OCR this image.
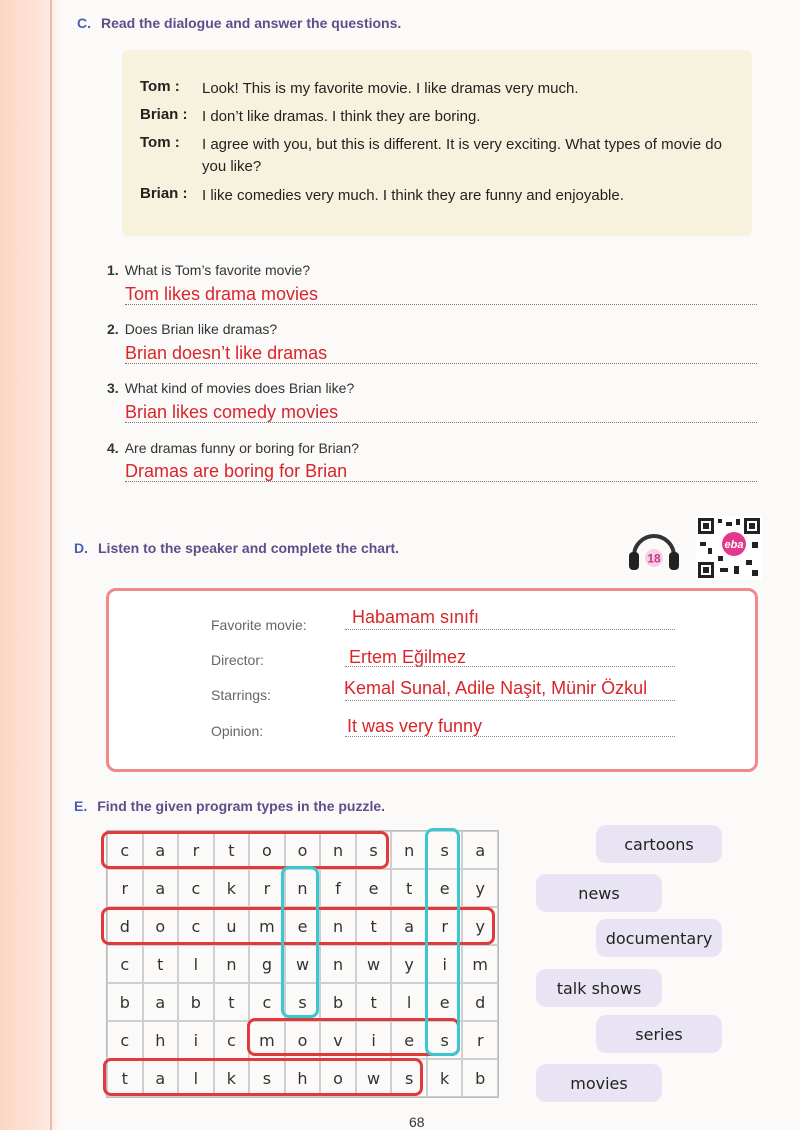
C. Read the dialogue and answer the questions.
Tom :	Look! This is my favorite movie. I like dramas very much.
Brian : I don’t like dramas. I think they are boring.
Tom :	I agree with you, but this is different. It is very exciting. What types of movie do you like?
Brian : I like comedies very much. I think they are funny and enjoyable.
1. What is Tom’s favorite movie?
Tom likes drama movies
2. Does Brian like dramas?
Brian doesn’t like dramas
3. What kind of movies does Brian like?
Brian likes comedy movies
4. Are dramas funny or boring for Brian?
Dramas are boring for Brian
D. Listen to the speaker and complete the chart.
18
eba
Favorite movie:	Habamam sınıfı
Director:	Ertem Eğilmez
Starrings:	Kemal Sunal, Adile Naşit, Münir Özkul
Opinion:	It was very funny
E. Find the given program types in the puzzle.
c	a	r	t	o	o	n	s	n	s	a
r	a	c	k	r	n	f	e	t	e	y
d	o	c	u	m	e	n	t	a	r	y
c	t	l	n	g	w	n	w	y	i	m
b	a	b	t	c	s	b	t	l	e	d
c	h	i	c	m	o	v	i	e	s	r
t	a	l	k	s	h	o	w	s	k	b
cartoons
news
documentary
talk shows
series
movies
68
